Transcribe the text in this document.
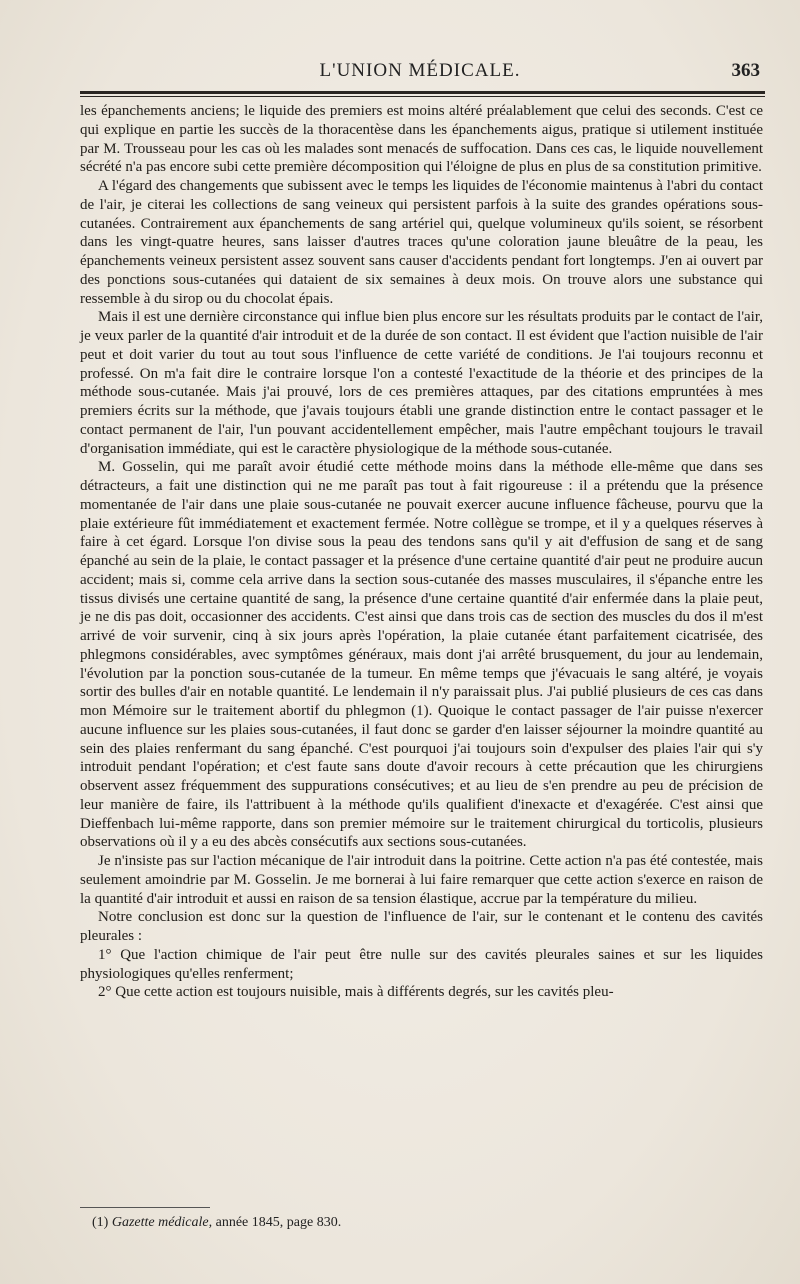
L'UNION MÉDICALE.	363

les épanchements anciens; le liquide des premiers est moins altéré préalablement que celui des seconds. C'est ce qui explique en partie les succès de la thoracentèse dans les épanchements aigus, pratique si utilement instituée par M. Trousseau pour les cas où les malades sont menacés de suffocation. Dans ces cas, le liquide nouvellement sécrété n'a pas encore subi cette première décomposition qui l'éloigne de plus en plus de sa constitution primitive.

A l'égard des changements que subissent avec le temps les liquides de l'économie maintenus à l'abri du contact de l'air, je citerai les collections de sang veineux qui persistent parfois à la suite des grandes opérations sous-cutanées. Contrairement aux épanchements de sang artériel qui, quelque volumineux qu'ils soient, se résorbent dans les vingt-quatre heures, sans laisser d'autres traces qu'une coloration jaune bleuâtre de la peau, les épanchements veineux persistent assez souvent sans causer d'accidents pendant fort longtemps. J'en ai ouvert par des ponctions sous-cutanées qui dataient de six semaines à deux mois. On trouve alors une substance qui ressemble à du sirop ou du chocolat épais.

Mais il est une dernière circonstance qui influe bien plus encore sur les résultats produits par le contact de l'air, je veux parler de la quantité d'air introduit et de la durée de son contact. Il est évident que l'action nuisible de l'air peut et doit varier du tout au tout sous l'influence de cette variété de conditions. Je l'ai toujours reconnu et professé. On m'a fait dire le contraire lorsque l'on a contesté l'exactitude de la théorie et des principes de la méthode sous-cutanée. Mais j'ai prouvé, lors de ces premières attaques, par des citations empruntées à mes premiers écrits sur la méthode, que j'avais toujours établi une grande distinction entre le contact passager et le contact permanent de l'air, l'un pouvant accidentellement empêcher, mais l'autre empêchant toujours le travail d'organisation immédiate, qui est le caractère physiologique de la méthode sous-cutanée.

M. Gosselin, qui me paraît avoir étudié cette méthode moins dans la méthode elle-même que dans ses détracteurs, a fait une distinction qui ne me paraît pas tout à fait rigoureuse : il a prétendu que la présence momentanée de l'air dans une plaie sous-cutanée ne pouvait exercer aucune influence fâcheuse, pourvu que la plaie extérieure fût immédiatement et exactement fermée. Notre collègue se trompe, et il y a quelques réserves à faire à cet égard. Lorsque l'on divise sous la peau des tendons sans qu'il y ait d'effusion de sang et de sang épanché au sein de la plaie, le contact passager et la présence d'une certaine quantité d'air peut ne produire aucun accident; mais si, comme cela arrive dans la section sous-cutanée des masses musculaires, il s'épanche entre les tissus divisés une certaine quantité de sang, la présence d'une certaine quantité d'air enfermée dans la plaie peut, je ne dis pas doit, occasionner des accidents. C'est ainsi que dans trois cas de section des muscles du dos il m'est arrivé de voir survenir, cinq à six jours après l'opération, la plaie cutanée étant parfaitement cicatrisée, des phlegmons considérables, avec symptômes généraux, mais dont j'ai arrêté brusquement, du jour au lendemain, l'évolution par la ponction sous-cutanée de la tumeur. En même temps que j'évacuais le sang altéré, je voyais sortir des bulles d'air en notable quantité. Le lendemain il n'y paraissait plus. J'ai publié plusieurs de ces cas dans mon Mémoire sur le traitement abortif du phlegmon (1). Quoique le contact passager de l'air puisse n'exercer aucune influence sur les plaies sous-cutanées, il faut donc se garder d'en laisser séjourner la moindre quantité au sein des plaies renfermant du sang épanché. C'est pourquoi j'ai toujours soin d'expulser des plaies l'air qui s'y introduit pendant l'opération; et c'est faute sans doute d'avoir recours à cette précaution que les chirurgiens observent assez fréquemment des suppurations consécutives; et au lieu de s'en prendre au peu de précision de leur manière de faire, ils l'attribuent à la méthode qu'ils qualifient d'inexacte et d'exagérée. C'est ainsi que Dieffenbach lui-même rapporte, dans son premier mémoire sur le traitement chirurgical du torticolis, plusieurs observations où il y a eu des abcès consécutifs aux sections sous-cutanées.

Je n'insiste pas sur l'action mécanique de l'air introduit dans la poitrine. Cette action n'a pas été contestée, mais seulement amoindrie par M. Gosselin. Je me bornerai à lui faire remarquer que cette action s'exerce en raison de la quantité d'air introduit et aussi en raison de sa tension élastique, accrue par la température du milieu.

Notre conclusion est donc sur la question de l'influence de l'air, sur le contenant et le contenu des cavités pleurales :

1° Que l'action chimique de l'air peut être nulle sur des cavités pleurales saines et sur les liquides physiologiques qu'elles renferment;

2° Que cette action est toujours nuisible, mais à différents degrés, sur les cavités pleu-

(1) Gazette médicale, année 1845, page 830.
